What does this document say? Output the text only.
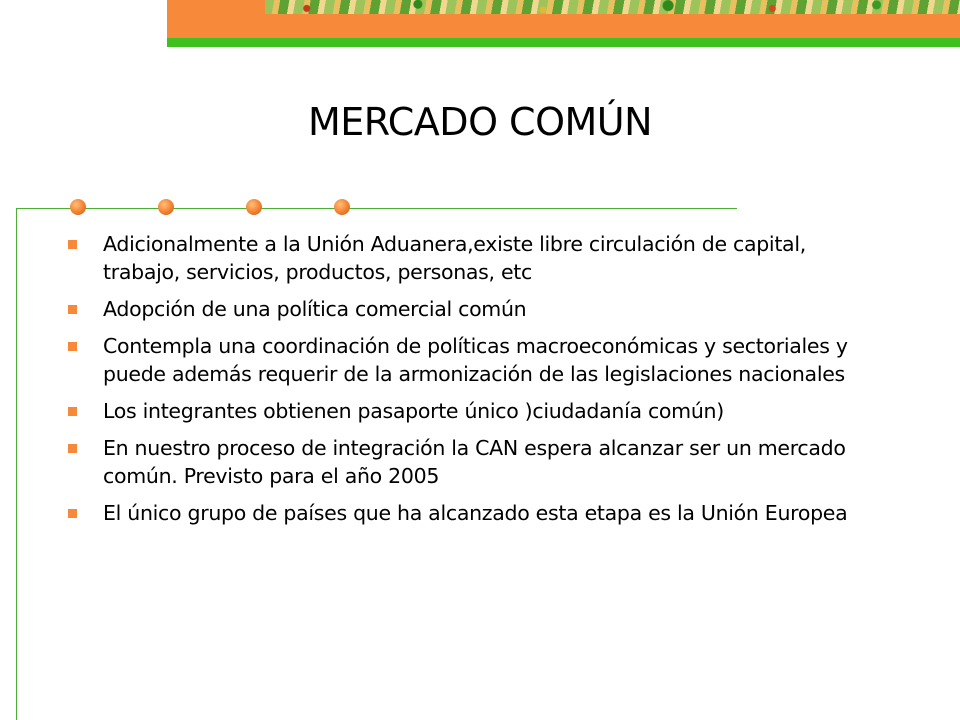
MERCADO COMÚN
Adicionalmente a la Unión Aduanera,existe libre circulación de capital, trabajo, servicios, productos, personas, etc
Adopción de una política comercial común
Contempla una coordinación de políticas macroeconómicas y sectoriales y puede además requerir de la armonización de las legislaciones nacionales
Los integrantes obtienen pasaporte único )ciudadanía común)
En nuestro proceso de integración la CAN espera alcanzar ser un mercado común. Previsto para el año 2005
El único grupo de países que ha alcanzado esta etapa es la Unión Europea
